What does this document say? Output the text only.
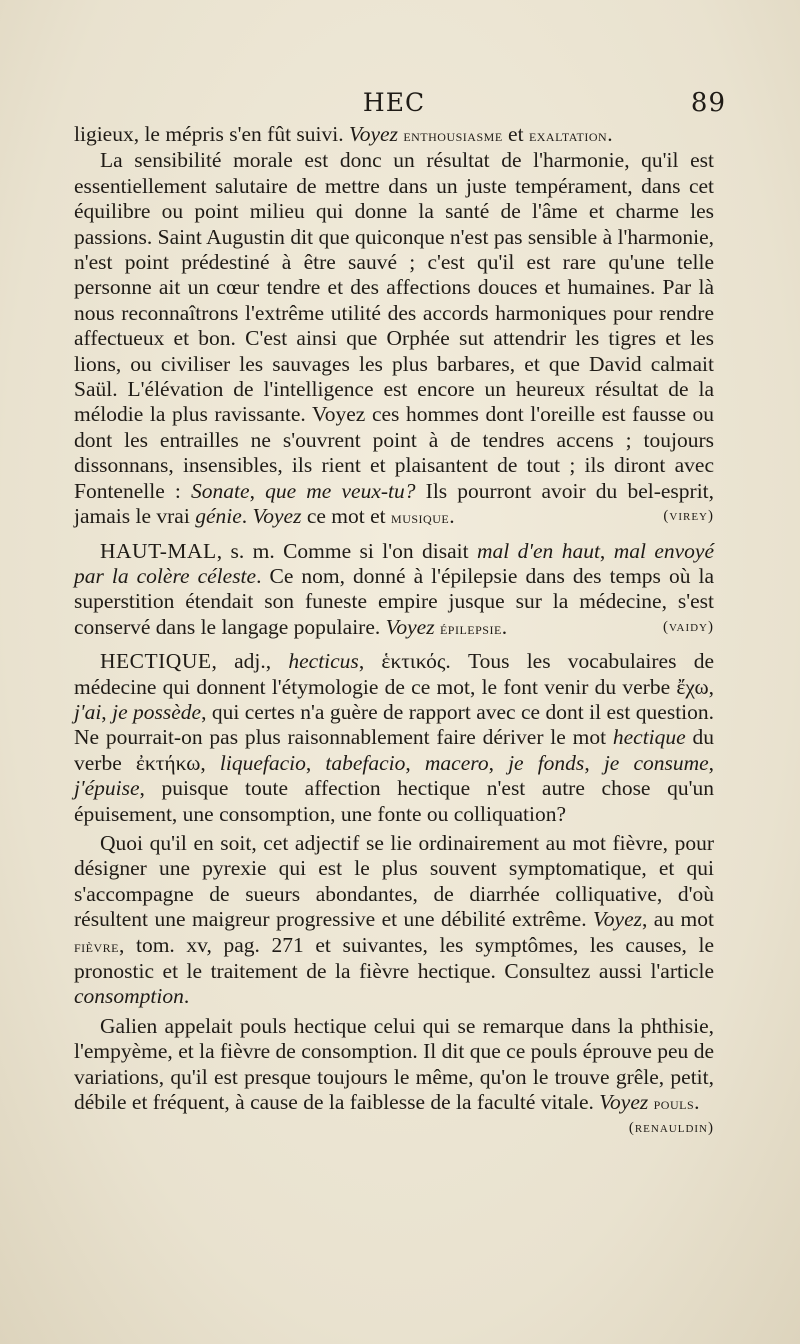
HEC	89

ligieux, le mépris s'en fût suivi. Voyez enthousiasme et exaltation.

La sensibilité morale est donc un résultat de l'harmonie, qu'il est essentiellement salutaire de mettre dans un juste tempérament, dans cet équilibre ou point milieu qui donne la santé de l'âme et charme les passions. Saint Augustin dit que quiconque n'est pas sensible à l'harmonie, n'est point prédestiné à être sauvé ; c'est qu'il est rare qu'une telle personne ait un cœur tendre et des affections douces et humaines. Par là nous reconnaîtrons l'extrême utilité des accords harmoniques pour rendre affectueux et bon. C'est ainsi que Orphée sut attendrir les tigres et les lions, ou civiliser les sauvages les plus barbares, et que David calmait Saül. L'élévation de l'intelligence est encore un heureux résultat de la mélodie la plus ravissante. Voyez ces hommes dont l'oreille est fausse ou dont les entrailles ne s'ouvrent point à de tendres accens ; toujours dissonnans, insensibles, ils rient et plaisantent de tout ; ils diront avec Fontenelle : Sonate, que me veux-tu? Ils pourront avoir du bel-esprit, jamais le vrai génie. Voyez ce mot et musique.	(virey)

HAUT-MAL, s. m. Comme si l'on disait mal d'en haut, mal envoyé par la colère céleste. Ce nom, donné à l'épilepsie dans des temps où la superstition étendait son funeste empire jusque sur la médecine, s'est conservé dans le langage populaire. Voyez épilepsie.	(vaidy)

HECTIQUE, adj., hecticus, ἑκτικός. Tous les vocabulaires de médecine qui donnent l'étymologie de ce mot, le font venir du verbe ἔχω, j'ai, je possède, qui certes n'a guère de rapport avec ce dont il est question. Ne pourrait-on pas plus raisonnablement faire dériver le mot hectique du verbe ἐκτήκω, liquefacio, tabefacio, macero, je fonds, je consume, j'épuise, puisque toute affection hectique n'est autre chose qu'un épuisement, une consomption, une fonte ou colliquation?

Quoi qu'il en soit, cet adjectif se lie ordinairement au mot fièvre, pour désigner une pyrexie qui est le plus souvent symptomatique, et qui s'accompagne de sueurs abondantes, de diarrhée colliquative, d'où résultent une maigreur progressive et une débilité extrême. Voyez, au mot fièvre, tom. xv, pag. 271 et suivantes, les symptômes, les causes, le pronostic et le traitement de la fièvre hectique. Consultez aussi l'article consomption.

Galien appelait pouls hectique celui qui se remarque dans la phthisie, l'empyème, et la fièvre de consomption. Il dit que ce pouls éprouve peu de variations, qu'il est presque toujours le même, qu'on le trouve grêle, petit, débile et fréquent, à cause de la faiblesse de la faculté vitale. Voyez pouls.
(renauldin)
